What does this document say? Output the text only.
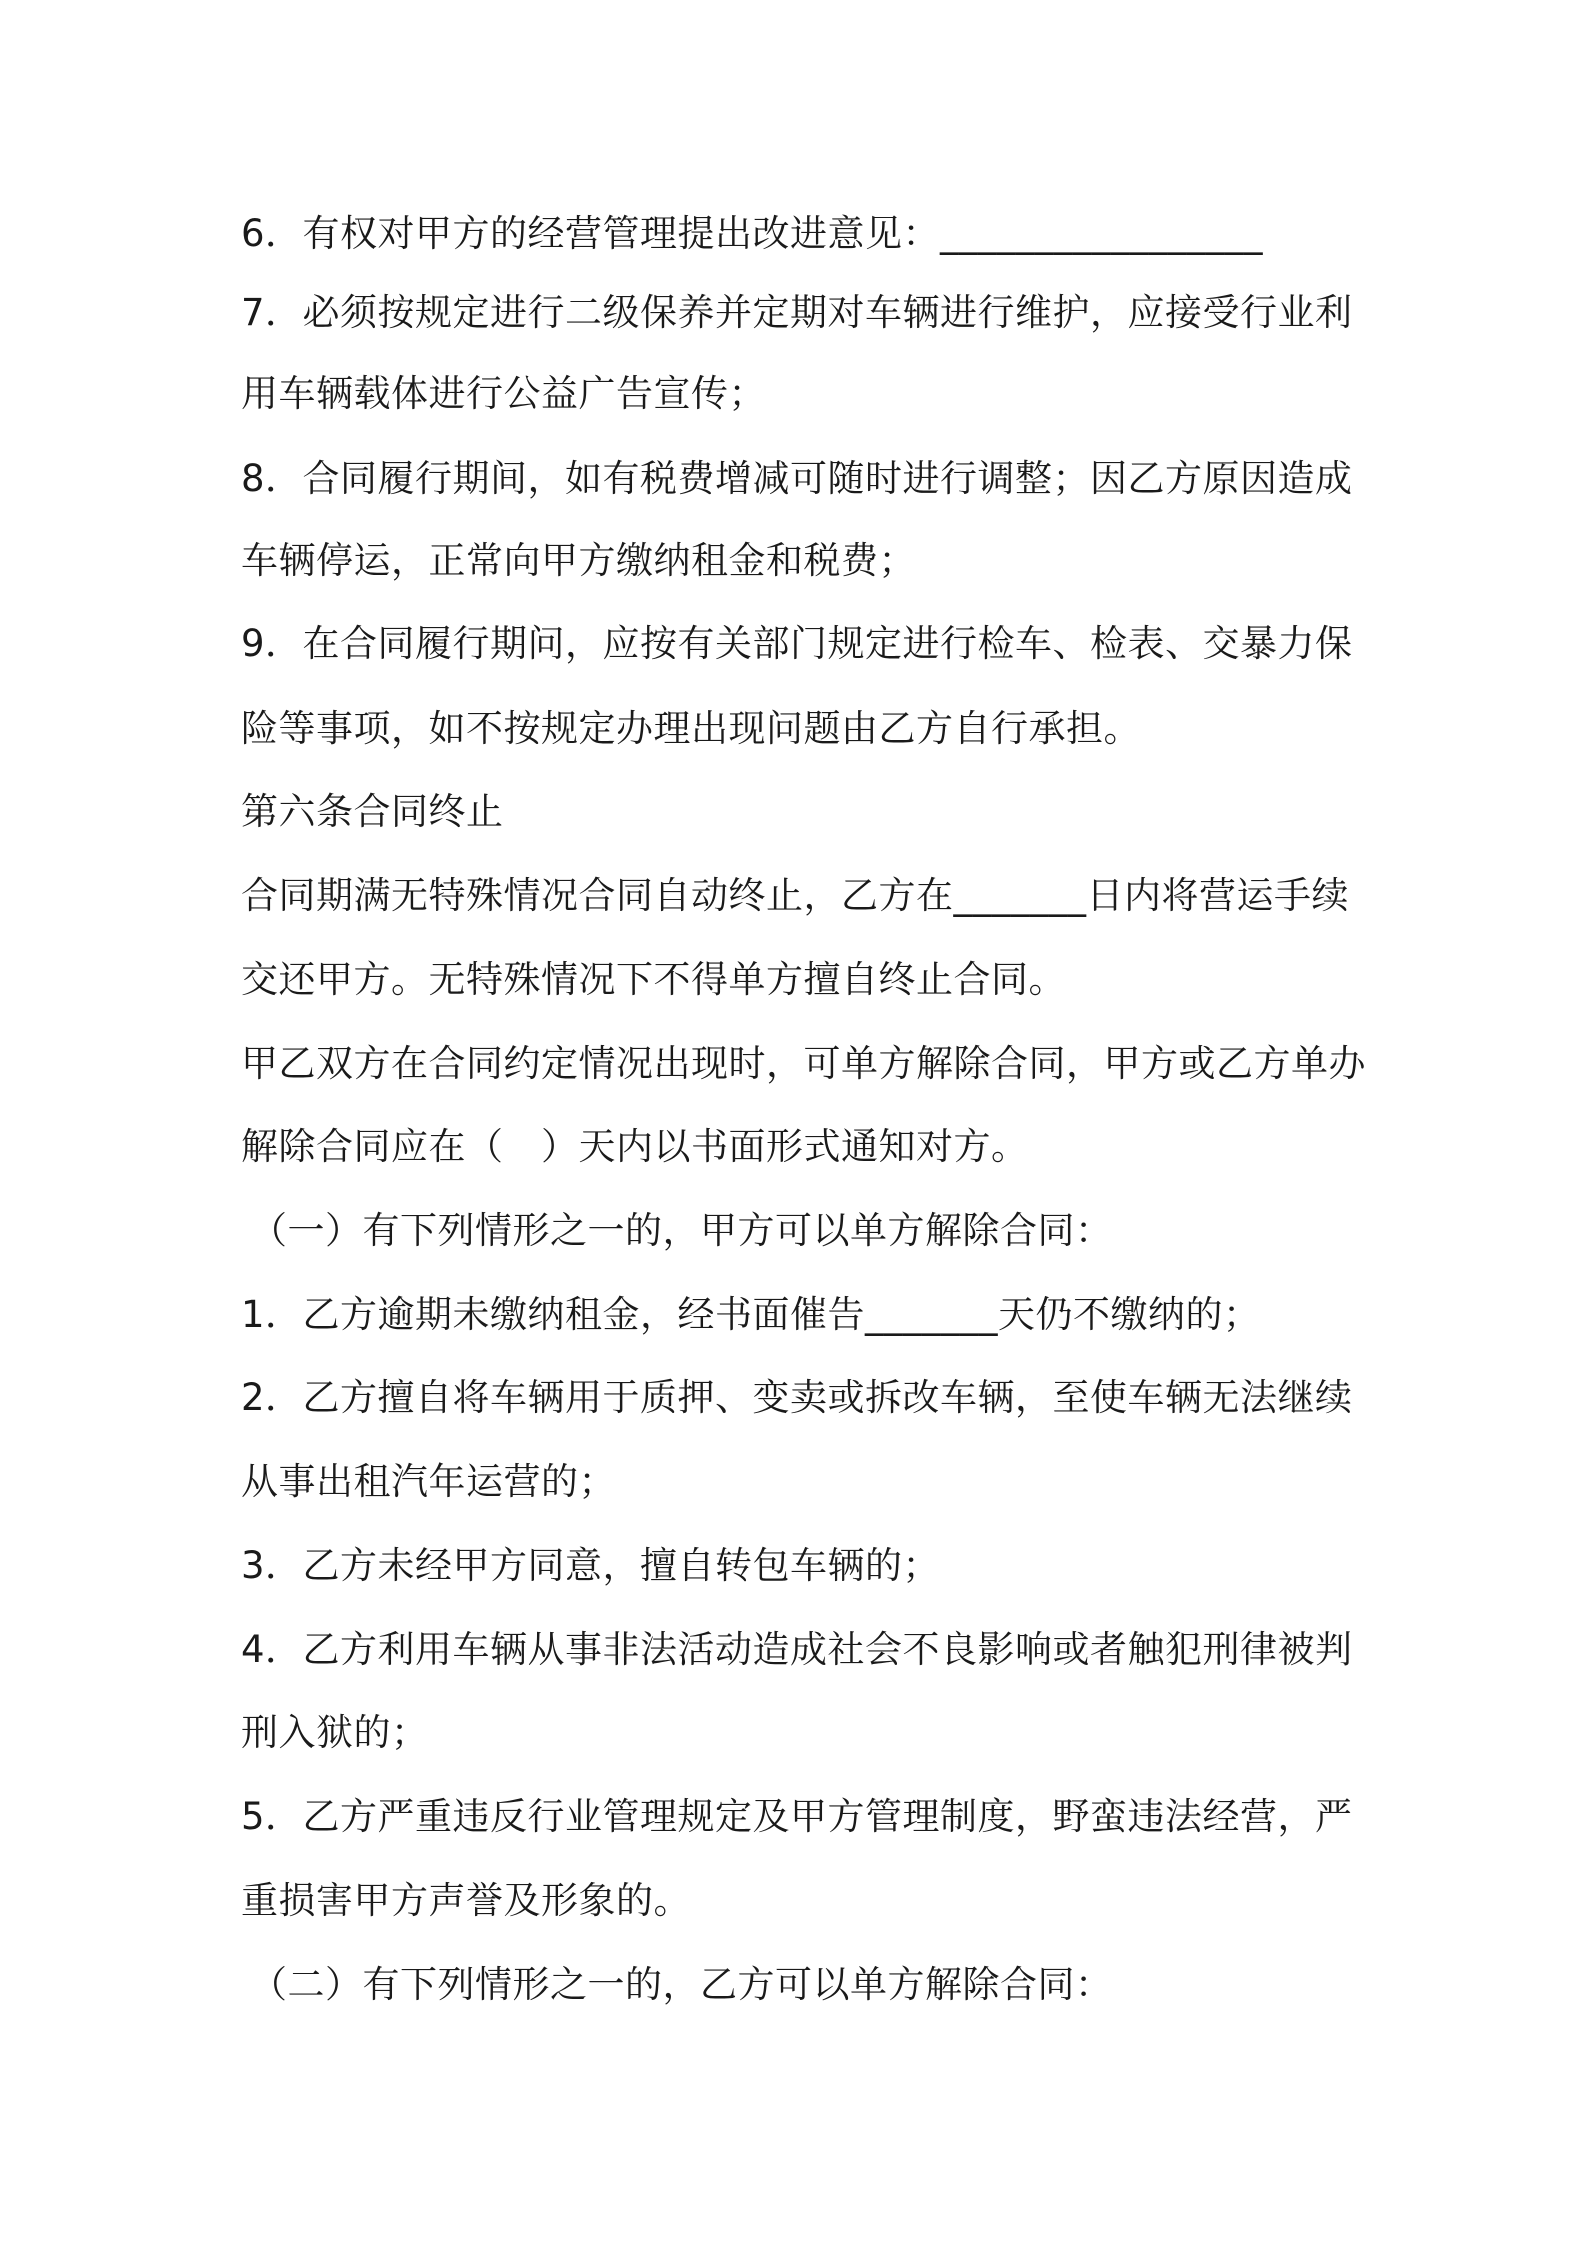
6．有权对甲方的经营管理提出改进意见：_________________
7．必须按规定进行二级保养并定期对车辆进行维护，应接受行业利
用车辆载体进行公益广告宣传；
8．合同履行期间，如有税费增减可随时进行调整；因乙方原因造成
车辆停运，正常向甲方缴纳租金和税费；
9．在合同履行期问，应按有关部门规定进行检车、检表、交暴力保
险等事项，如不按规定办理出现问题由乙方自行承担。
第六条合同终止
合同期满无特殊情况合同自动终止，乙方在_______日内将营运手续
交还甲方。无特殊情况下不得单方擅自终止合同。
甲乙双方在合同约定情况出现时，可单方解除合同，甲方或乙方单办
解除合同应在（　）天内以书面形式通知对方。
（一）有下列情形之一的，甲方可以单方解除合同：
1．乙方逾期未缴纳租金，经书面催告_______天仍不缴纳的；
2．乙方擅自将车辆用于质押、变卖或拆改车辆，至使车辆无法继续
从事出租汽年运营的；
3．乙方未经甲方同意，擅自转包车辆的；
4．乙方利用车辆从事非法活动造成社会不良影响或者触犯刑律被判
刑入狱的；
5．乙方严重违反行业管理规定及甲方管理制度，野蛮违法经营，严
重损害甲方声誉及形象的。
（二）有下列情形之一的，乙方可以单方解除合同：
